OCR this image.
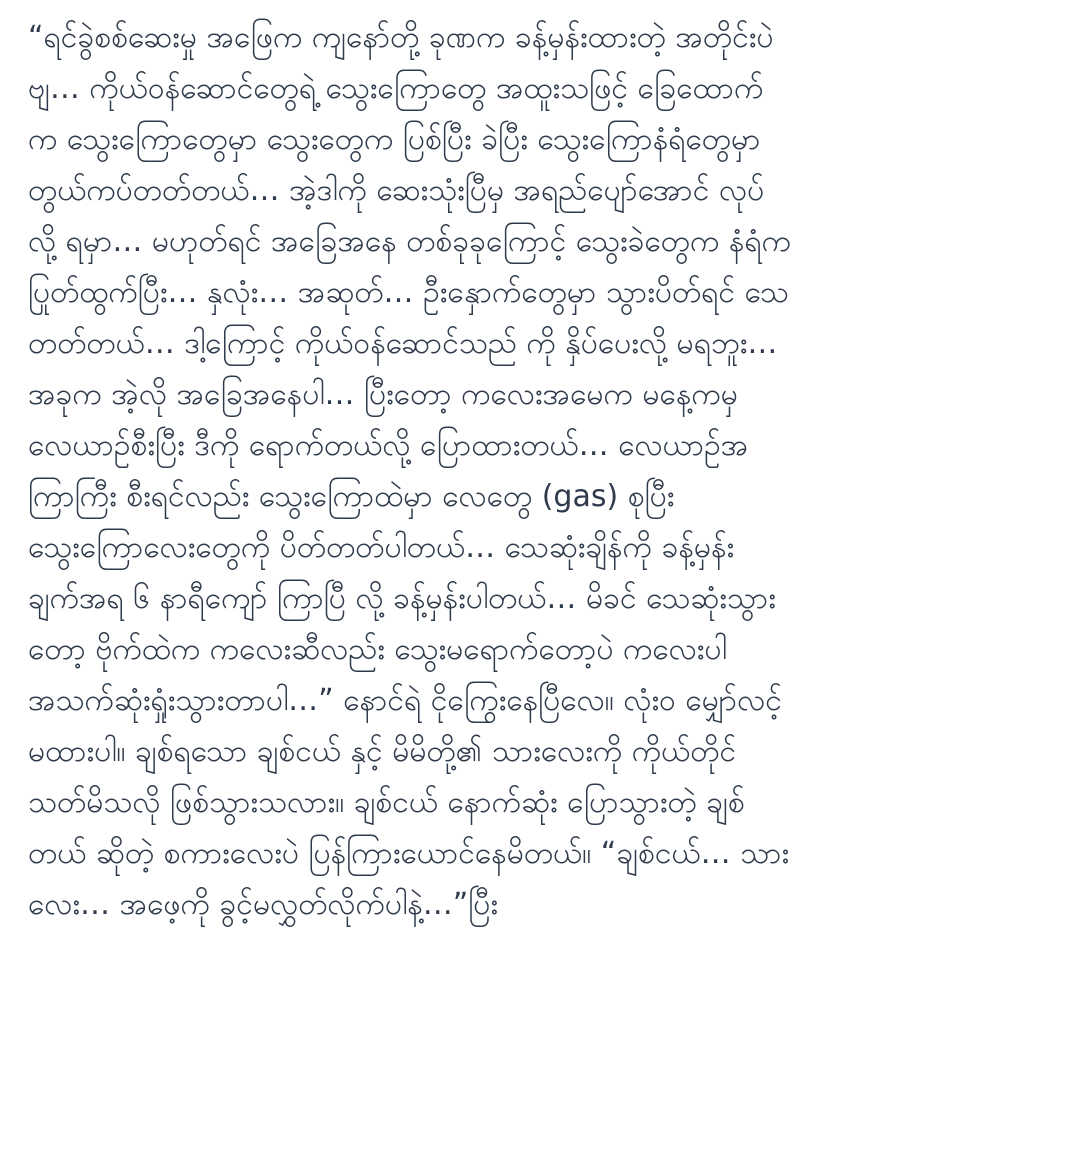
“ရင်ခွဲစစ်ဆေးမှု အဖြေက ကျနော်တို့ ခုဏက ခန့်မှန်းထားတဲ့ အတိုင်းပဲ
ဗျ… ကိုယ်ဝန်ဆောင်တွေရဲ့ သွေးကြောတွေ အထူးသဖြင့် ခြေထောက်
က သွေးကြောတွေမှာ သွေးတွေက ပြစ်ပြီး ခဲပြီး သွေးကြောနံရံတွေမှာ
တွယ်ကပ်တတ်တယ်… အဲ့ဒါကို ဆေးသုံးပြီမှ အရည်ပျော်အောင် လုပ်
လို့ ရမှာ… မဟုတ်ရင် အခြေအနေ တစ်ခုခုကြောင့် သွေးခဲတွေက နံရံက
ပြုတ်ထွက်ပြီး… နှလုံး… အဆုတ်… ဦးနှောက်တွေမှာ သွားပိတ်ရင် သေ
တတ်တယ်… ဒါ့ကြောင့် ကိုယ်ဝန်ဆောင်သည် ကို နှိပ်ပေးလို့ မရဘူး…
အခုက အဲ့လို အခြေအနေပါ… ပြီးတော့ ကလေးအမေက မနေ့ကမှ
လေယာဉ်စီးပြီး ဒီကို ရောက်တယ်လို့ ပြောထားတယ်… လေယာဉ်အ
ကြာကြီး စီးရင်လည်း သွေးကြောထဲမှာ လေတွေ (gas) စုပြီး
သွေးကြောလေးတွေကို ပိတ်တတ်ပါတယ်… သေဆုံးချိန်ကို ခန့်မှန်း
ချက်အရ ၆ နာရီကျော် ကြာပြီ လို့ ခန့်မှန်းပါတယ်… မိခင် သေဆုံးသွား
တော့ ဗိုက်ထဲက ကလေးဆီလည်း သွေးမရောက်တော့ပဲ ကလေးပါ
အသက်ဆုံးရှုံးသွားတာပါ…” နောင်ရဲ ငိုကြွေးနေပြီလေ။ လုံးဝ မျှော်လင့်
မထားပါ။ ချစ်ရသော ချစ်ငယ် နှင့် မိမိတို့၏ သားလေးကို ကိုယ်တိုင်
သတ်မိသလို ဖြစ်သွားသလား။ ချစ်ငယ် နောက်ဆုံး ပြောသွားတဲ့ ချစ်
တယ် ဆိုတဲ့ စကားလေးပဲ ပြန်ကြားယောင်နေမိတယ်။ “ချစ်ငယ်… သား
လေး… အဖေ့ကို ခွင့်မလွှတ်လိုက်ပါနဲ့…”ပြီး
